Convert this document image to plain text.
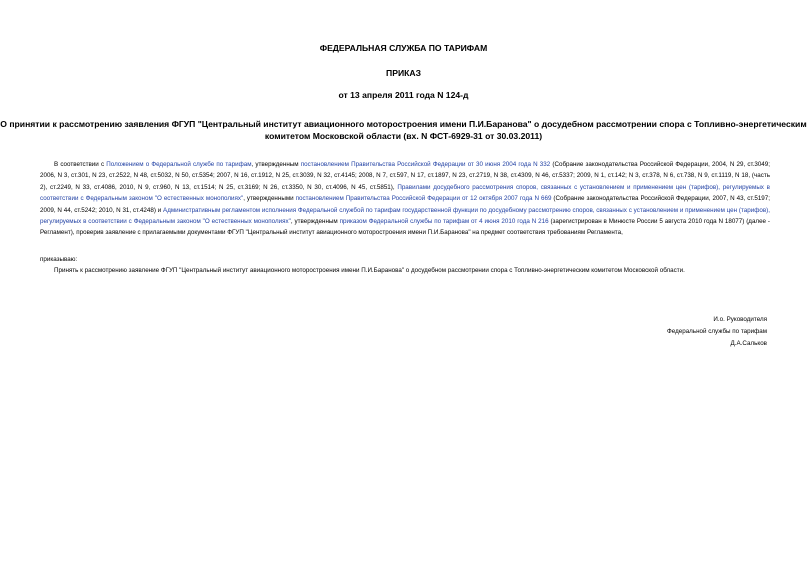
ФЕДЕРАЛЬНАЯ СЛУЖБА ПО ТАРИФАМ
ПРИКАЗ
от 13 апреля 2011 года N 124-д
О принятии к рассмотрению заявления ФГУП "Центральный институт авиационного моторостроения имени П.И.Баранова" о досудебном рассмотрении спора с Топливно-энергетическим комитетом Московской области (вх. N ФСТ-6929-31 от 30.03.2011)
В соответствии с Положением о Федеральной службе по тарифам, утвержденным постановлением Правительства Российской Федерации от 30 июня 2004 года N 332 (Собрание законодательства Российской Федерации, 2004, N 29, ст.3049; 2006, N 3, ст.301, N 23, ст.2522, N 48, ст.5032, N 50, ст.5354; 2007, N 16, ст.1912, N 25, ст.3039, N 32, ст.4145; 2008, N 7, ст.597, N 17, ст.1897, N 23, ст.2719, N 38, ст.4309, N 46, ст.5337; 2009, N 1, ст.142; N 3, ст.378, N 6, ст.738, N 9, ст.1119, N 18, (часть 2), ст.2249, N 33, ст.4086, 2010, N 9, ст.960, N 13, ст.1514; N 25, ст.3169; N 26, ст.3350, N 30, ст.4096, N 45, ст.5851), Правилами досудебного рассмотрения споров, связанных с установлением и применением цен (тарифов), регулируемых в соответствии с Федеральным законом "О естественных монополиях", утвержденными постановлением Правительства Российской Федерации от 12 октября 2007 года N 669 (Собрание законодательства Российской Федерации, 2007, N 43, ст.5197; 2009, N 44, ст.5242; 2010, N 31, ст.4248) и Административным регламентом исполнения Федеральной службой по тарифам государственной функции по досудебному рассмотрению споров, связанных с установлением и применением цен (тарифов), регулируемых в соответствии с Федеральным законом "О естественных монополиях", утвержденным приказом Федеральной службы по тарифам от 4 июня 2010 года N 216 (зарегистрирован в Минюсте России 5 августа 2010 года N 18077) (далее - Регламент), проверив заявление с прилагаемыми документами ФГУП "Центральный институт авиационного моторостроения имени П.И.Баранова" на предмет соответствия требованиям Регламента,
приказываю:
Принять к рассмотрению заявление ФГУП "Центральный институт авиационного моторостроения имени П.И.Баранова" о досудебном рассмотрении спора с Топливно-энергетическим комитетом Московской области.
И.о. Руководителя
Федеральной службы по тарифам
Д.А.Сальков
